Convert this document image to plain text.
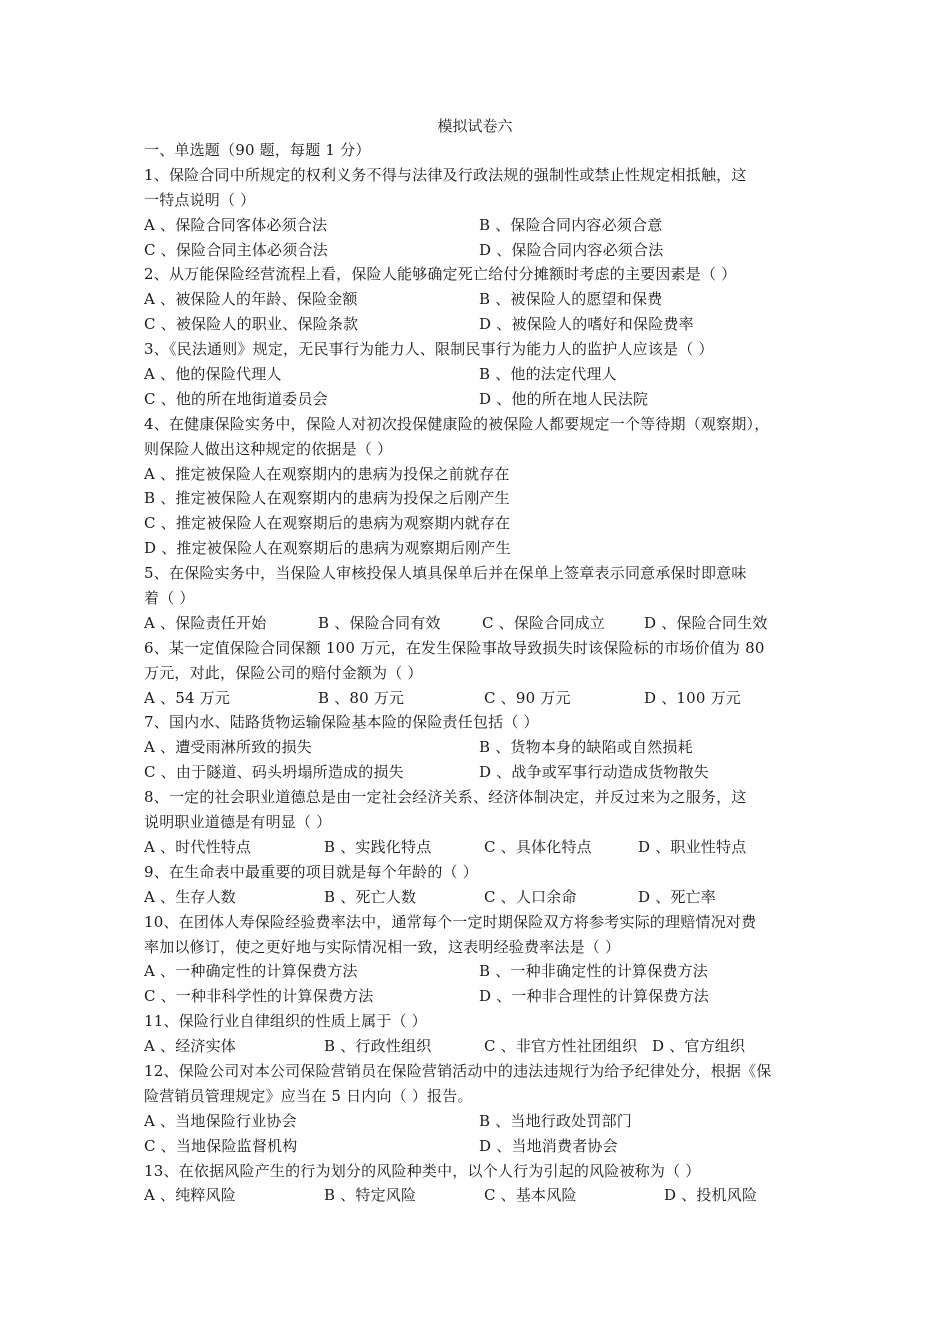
模拟试卷六
一、单选题（90 题，每题 1 分）
1、保险合同中所规定的权利义务不得与法律及行政法规的强制性或禁止性规定相抵触，这
一特点说明（ ）
A 、保险合同客体必须合法	B 、保险合同内容必须合意
C 、保险合同主体必须合法	D 、保险合同内容必须合法
2、从万能保险经营流程上看，保险人能够确定死亡给付分摊额时考虑的主要因素是（ ）
A 、被保险人的年龄、保险金额	B 、被保险人的愿望和保费
C 、被保险人的职业、保险条款	D 、被保险人的嗜好和保险费率
3、《民法通则》规定，无民事行为能力人、限制民事行为能力人的监护人应该是（ ）
A 、他的保险代理人	B 、他的法定代理人
C 、他的所在地街道委员会	D 、他的所在地人民法院
4、在健康保险实务中，保险人对初次投保健康险的被保险人都要规定一个等待期（观察期），
则保险人做出这种规定的依据是（ ）
A 、推定被保险人在观察期内的患病为投保之前就存在
B 、推定被保险人在观察期内的患病为投保之后刚产生
C 、推定被保险人在观察期后的患病为观察期内就存在
D 、推定被保险人在观察期后的患病为观察期后刚产生
5、在保险实务中，当保险人审核投保人填具保单后并在保单上签章表示同意承保时即意味
着（ ）
A 、保险责任开始	B 、保险合同有效	C 、保险合同成立	D 、保险合同生效
6、某一定值保险合同保额 100 万元，在发生保险事故导致损失时该保险标的市场价值为 80
万元，对此，保险公司的赔付金额为（ ）
A 、54 万元	B 、80 万元	C 、90 万元	D 、100 万元
7、国内水、陆路货物运输保险基本险的保险责任包括（ ）
A 、遭受雨淋所致的损失	B 、货物本身的缺陷或自然损耗
C 、由于隧道、码头坍塌所造成的损失	D 、战争或军事行动造成货物散失
8、一定的社会职业道德总是由一定社会经济关系、经济体制决定，并反过来为之服务，这
说明职业道德是有明显（ ）
A 、时代性特点	B 、实践化特点	C 、具体化特点	D 、职业性特点
9、在生命表中最重要的项目就是每个年龄的（ ）
A 、生存人数	B 、死亡人数	C 、人口余命	D 、死亡率
10、在团体人寿保险经验费率法中，通常每个一定时期保险双方将参考实际的理赔情况对费
率加以修订，使之更好地与实际情况相一致，这表明经验费率法是（ ）
A 、一种确定性的计算保费方法	B 、一种非确定性的计算保费方法
C 、一种非科学性的计算保费方法	D 、一种非合理性的计算保费方法
11、保险行业自律组织的性质上属于（ ）
A 、经济实体	B 、行政性组织	C 、非官方性社团组织 D 、官方组织
12、保险公司对本公司保险营销员在保险营销活动中的违法违规行为给予纪律处分，根据《保
险营销员管理规定》应当在 5 日内向（ ）报告。
A 、当地保险行业协会	B 、当地行政处罚部门
C 、当地保险监督机构	D 、当地消费者协会
13、在依据风险产生的行为划分的风险种类中，以个人行为引起的风险被称为（ ）
A 、纯粹风险	B 、特定风险	C 、基本风险	D 、投机风险
